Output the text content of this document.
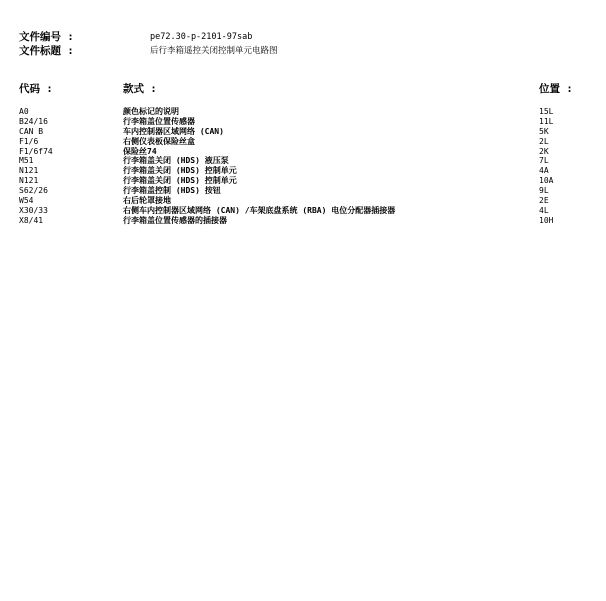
文件编号 :	pe72.30-p-2101-97sab
文件标题 :	后行李箱遥控关闭控制单元电路图
代码 :	款式 :	位置 :
A0	颜色标记的说明	15L
B24/16	行李箱盖位置传感器	11L
CAN B	车内控制器区域网络 (CAN)	5K
F1/6	右侧仪表板保险丝盒	2L
F1/6f74	保险丝74	2K
M51	行李箱盖关闭 (HDS) 液压泵	7L
N121	行李箱盖关闭 (HDS) 控制单元	4A
N121	行李箱盖关闭 (HDS) 控制单元	10A
S62/26	行李箱盖控制 (HDS) 按钮	9L
W54	右后轮罩接地	2E
X30/33	右侧车内控制器区域网络 (CAN) /车架底盘系统 (RBA) 电位分配器插接器	4L
X8/41	行李箱盖位置传感器的插接器	10H
